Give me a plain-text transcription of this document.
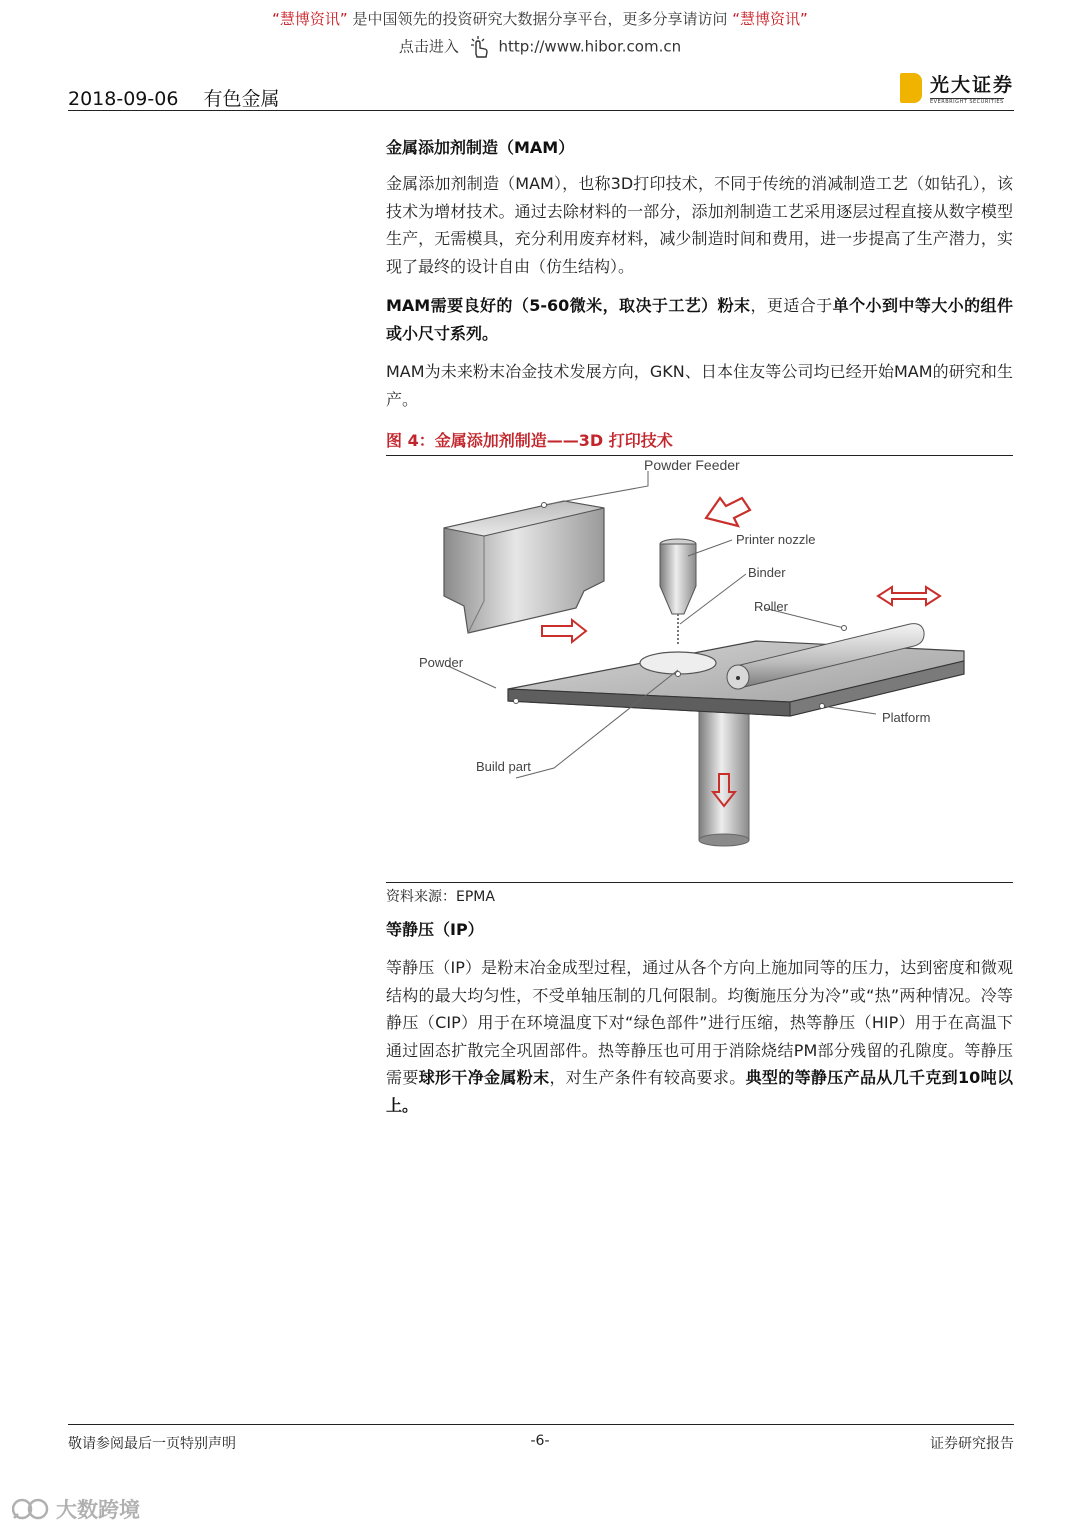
“慧博资讯” 是中国领先的投资研究大数据分享平台，更多分享请访问 “慧博资讯”
点击进入	http://www.hibor.com.cn
2018-09-06　 有色金属
光大证券
EVERBRIGHT SECURITIES
金属添加剂制造（MAM）
金属添加剂制造（MAM），也称3D打印技术，不同于传统的消减制造工艺（如钻孔），该技术为增材技术。通过去除材料的一部分，添加剂制造工艺采用逐层过程直接从数字模型生产，无需模具，充分利用废弃材料，减少制造时间和费用，进一步提高了生产潜力，实现了最终的设计自由（仿生结构）。
MAM需要良好的（5-60微米，取决于工艺）粉末，更适合于单个小到中等大小的组件或小尺寸系列。
MAM为未来粉末冶金技术发展方向，GKN、日本住友等公司均已经开始MAM的研究和生产。
图 4：金属添加剂制造——3D 打印技术
Powder Feeder
Printer nozzle
Binder
Roller
Powder
Platform
Build part
资料来源：EPMA
等静压（IP）
等静压（IP）是粉末冶金成型过程，通过从各个方向上施加同等的压力，达到密度和微观结构的最大均匀性，不受单轴压制的几何限制。均衡施压分为冷”或“热”两种情况。冷等静压（CIP）用于在环境温度下对“绿色部件”进行压缩，热等静压（HIP）用于在高温下通过固态扩散完全巩固部件。热等静压也可用于消除烧结PM部分残留的孔隙度。等静压需要球形干净金属粉末，对生产条件有较高要求。典型的等静压产品从几千克到10吨以上。
敬请参阅最后一页特别声明	-6-	证券研究报告
大数跨境
